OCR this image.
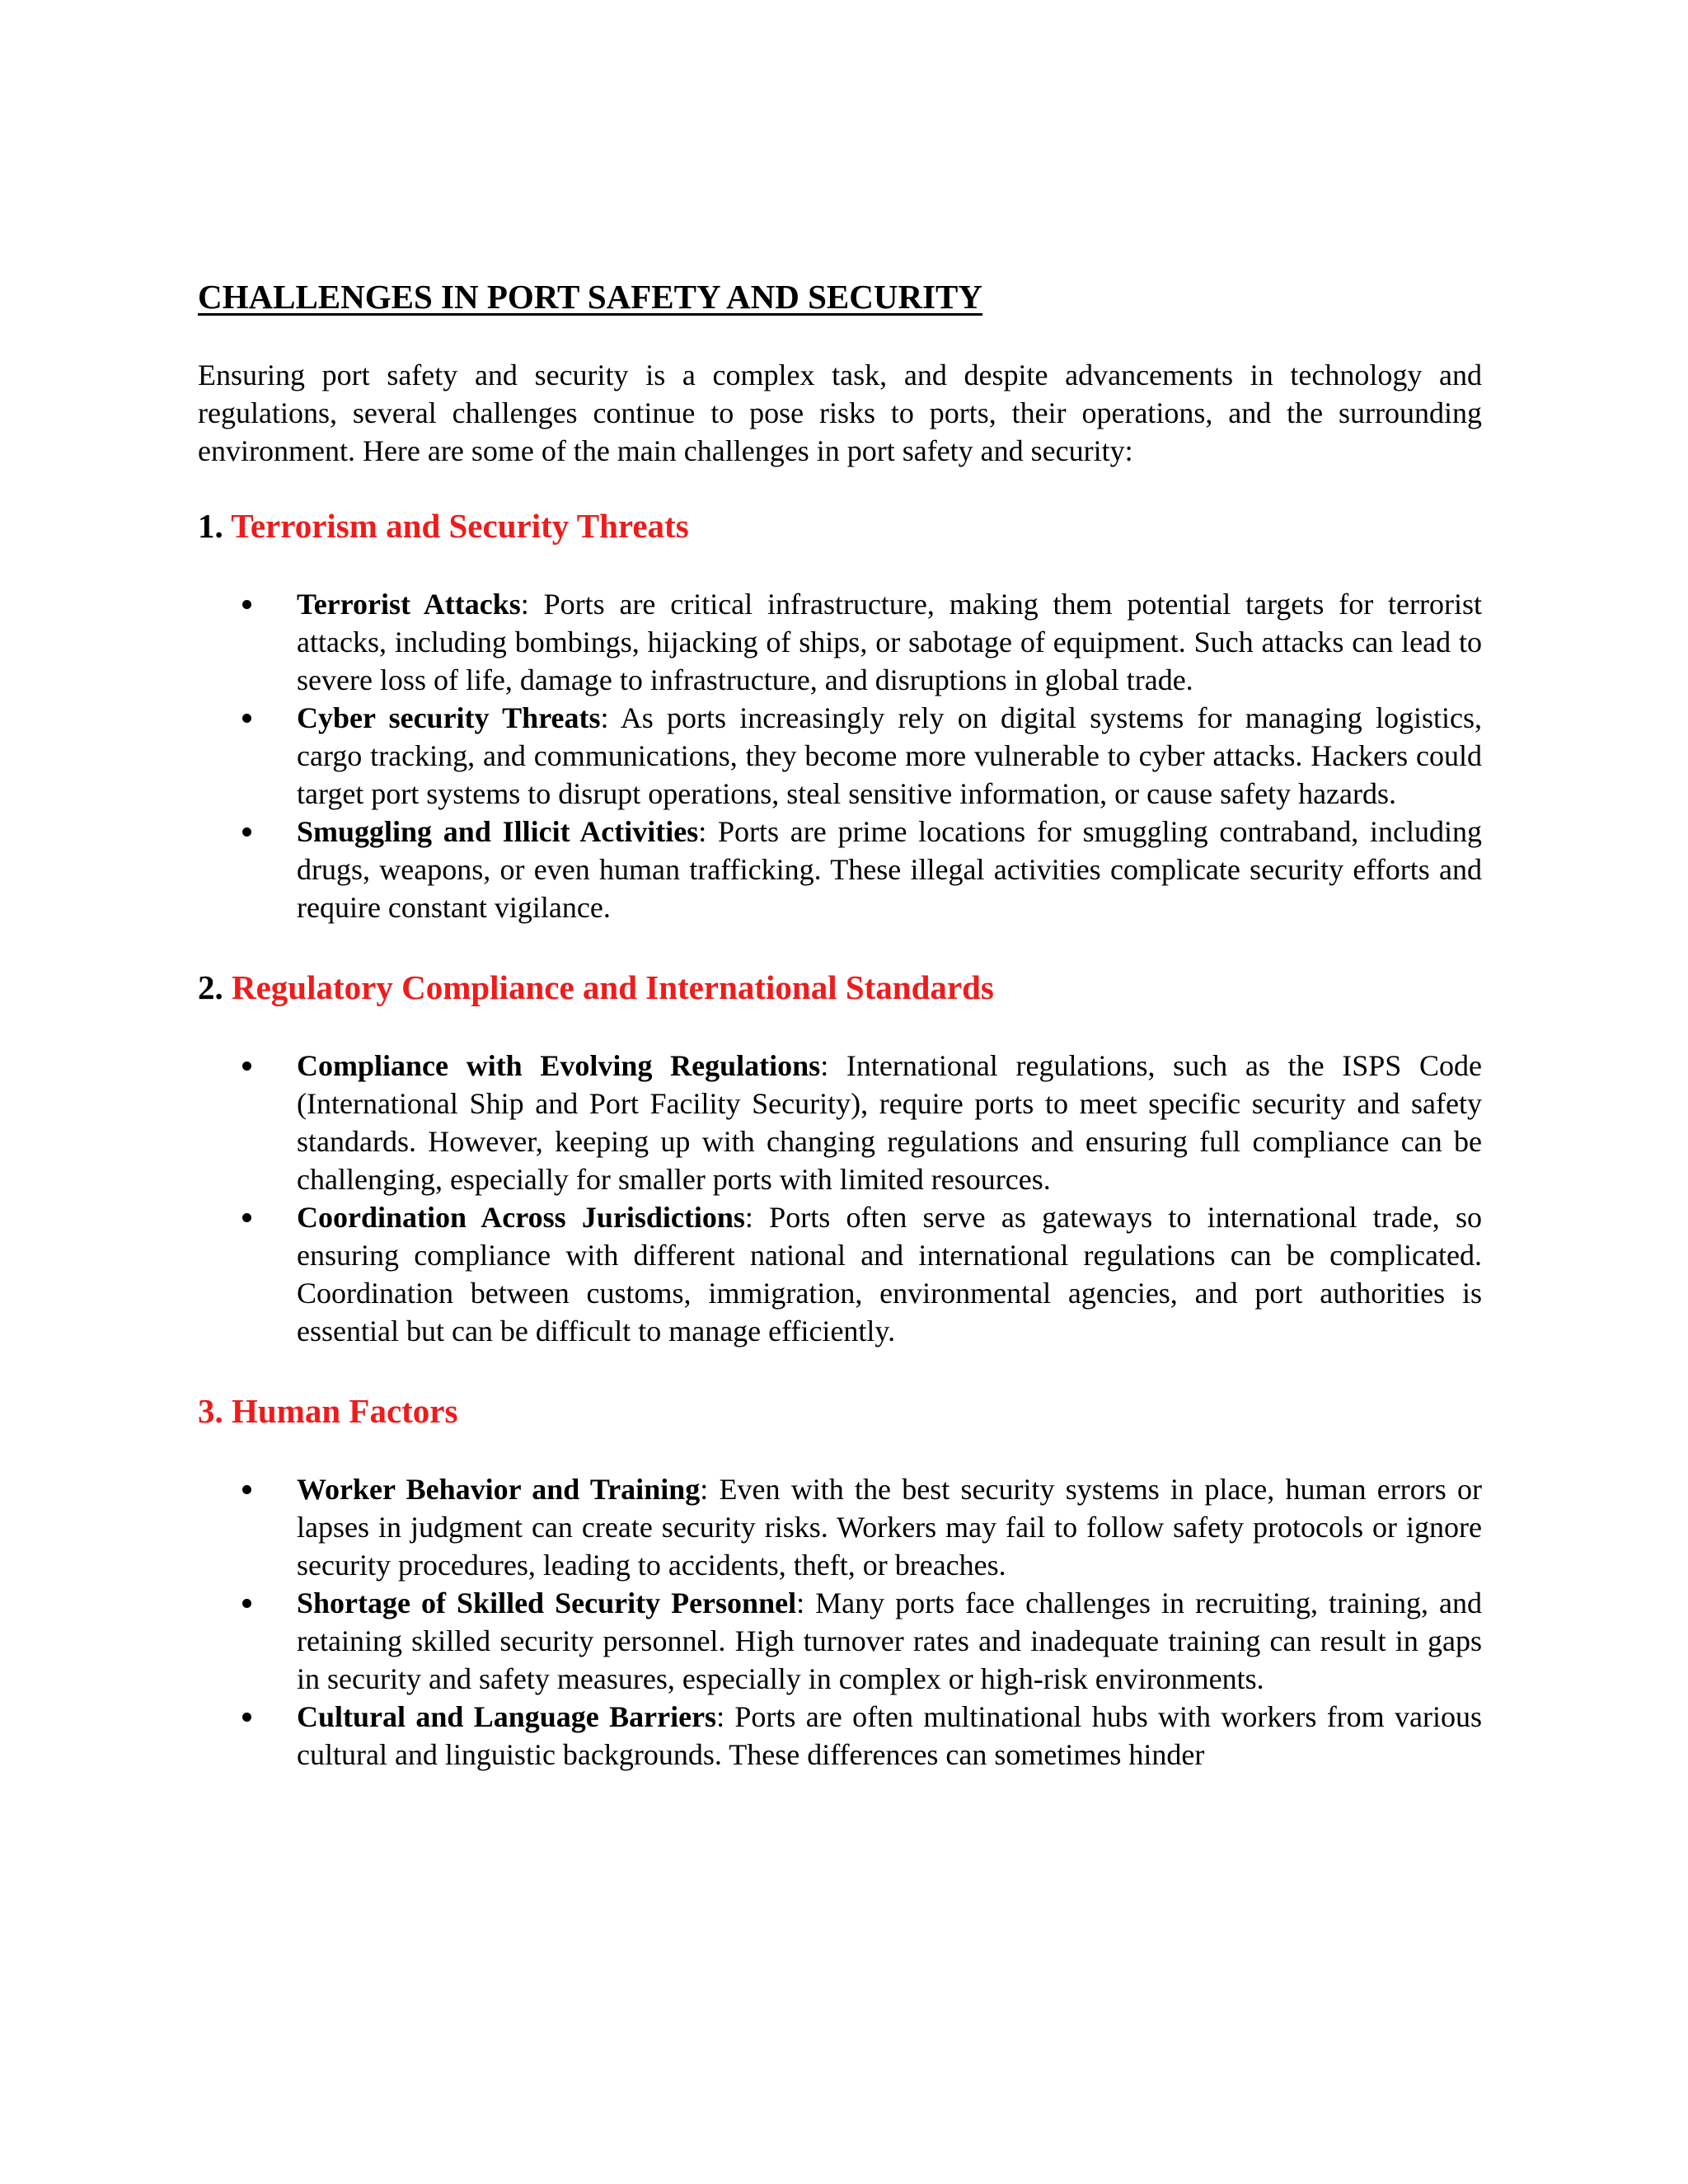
CHALLENGES IN PORT SAFETY AND SECURITY

Ensuring port safety and security is a complex task, and despite advancements in technology and regulations, several challenges continue to pose risks to ports, their operations, and the surrounding environment. Here are some of the main challenges in port safety and security:

1. Terrorism and Security Threats
Terrorist Attacks: Ports are critical infrastructure, making them potential targets for terrorist attacks, including bombings, hijacking of ships, or sabotage of equipment. Such attacks can lead to severe loss of life, damage to infrastructure, and disruptions in global trade.
Cyber security Threats: As ports increasingly rely on digital systems for managing logistics, cargo tracking, and communications, they become more vulnerable to cyber attacks. Hackers could target port systems to disrupt operations, steal sensitive information, or cause safety hazards.
Smuggling and Illicit Activities: Ports are prime locations for smuggling contraband, including drugs, weapons, or even human trafficking. These illegal activities complicate security efforts and require constant vigilance.
2. Regulatory Compliance and International Standards
Compliance with Evolving Regulations: International regulations, such as the ISPS Code (International Ship and Port Facility Security), require ports to meet specific security and safety standards. However, keeping up with changing regulations and ensuring full compliance can be challenging, especially for smaller ports with limited resources.
Coordination Across Jurisdictions: Ports often serve as gateways to international trade, so ensuring compliance with different national and international regulations can be complicated. Coordination between customs, immigration, environmental agencies, and port authorities is essential but can be difficult to manage efficiently.
3. Human Factors
Worker Behavior and Training: Even with the best security systems in place, human errors or lapses in judgment can create security risks. Workers may fail to follow safety protocols or ignore security procedures, leading to accidents, theft, or breaches.
Shortage of Skilled Security Personnel: Many ports face challenges in recruiting, training, and retaining skilled security personnel. High turnover rates and inadequate training can result in gaps in security and safety measures, especially in complex or high-risk environments.
Cultural and Language Barriers: Ports are often multinational hubs with workers from various cultural and linguistic backgrounds. These differences can sometimes hinder
